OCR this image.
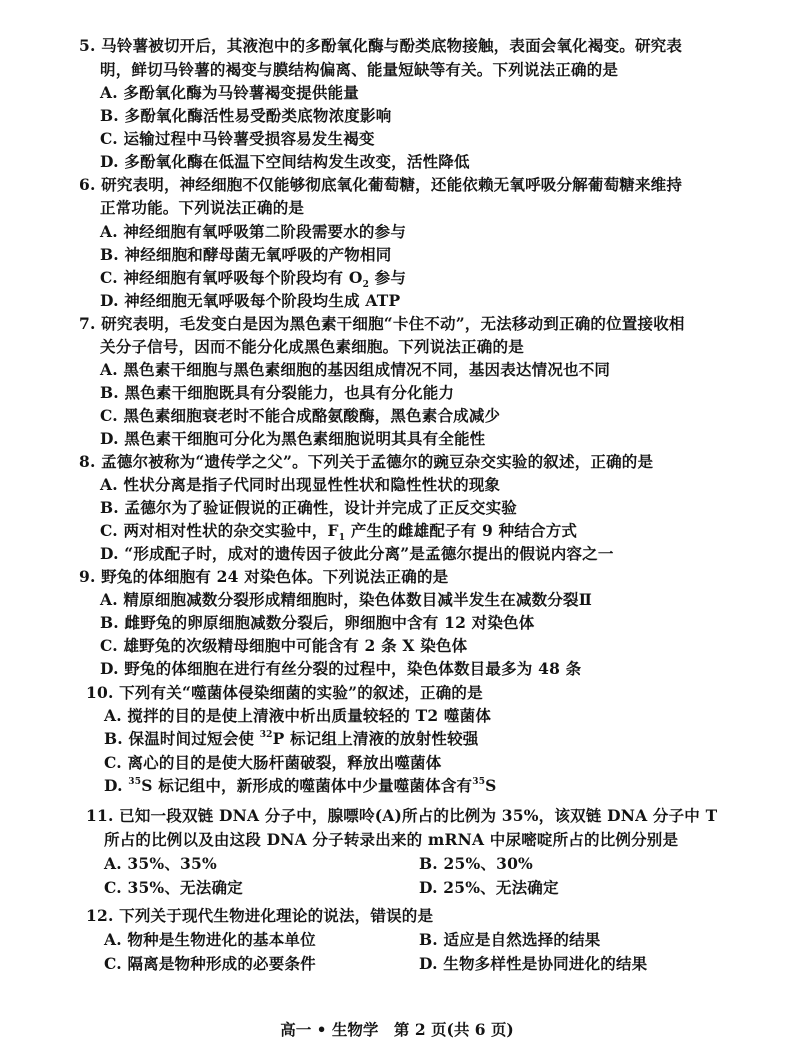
5. 马铃薯被切开后，其液泡中的多酚氧化酶与酚类底物接触，表面会氧化褐变。研究表
明，鲜切马铃薯的褐变与膜结构偏离、能量短缺等有关。下列说法正确的是
A. 多酚氧化酶为马铃薯褐变提供能量
B. 多酚氧化酶活性易受酚类底物浓度影响
C. 运输过程中马铃薯受损容易发生褐变
D. 多酚氧化酶在低温下空间结构发生改变，活性降低
6. 研究表明，神经细胞不仅能够彻底氧化葡萄糖，还能依赖无氧呼吸分解葡萄糖来维持
正常功能。下列说法正确的是
A. 神经细胞有氧呼吸第二阶段需要水的参与
B. 神经细胞和酵母菌无氧呼吸的产物相同
C. 神经细胞有氧呼吸每个阶段均有 $O_2$ 参与
D. 神经细胞无氧呼吸每个阶段均生成 ATP
7. 研究表明，毛发变白是因为黑色素干细胞“卡住不动”，无法移动到正确的位置接收相
关分子信号，因而不能分化成黑色素细胞。下列说法正确的是
A. 黑色素干细胞与黑色素细胞的基因组成情况不同，基因表达情况也不同
B. 黑色素干细胞既具有分裂能力，也具有分化能力
C. 黑色素细胞衰老时不能合成酪氨酸酶，黑色素合成减少
D. 黑色素干细胞可分化为黑色素细胞说明其具有全能性
8. 孟德尔被称为“遗传学之父”。下列关于孟德尔的豌豆杂交实验的叙述，正确的是
A. 性状分离是指子代同时出现显性性状和隐性性状的现象
B. 孟德尔为了验证假说的正确性，设计并完成了正反交实验
C. 两对相对性状的杂交实验中，$F_1$ 产生的雌雄配子有 9 种结合方式
D. “形成配子时，成对的遗传因子彼此分离”是孟德尔提出的假说内容之一
9. 野兔的体细胞有 24 对染色体。下列说法正确的是
A. 精原细胞减数分裂形成精细胞时，染色体数目减半发生在减数分裂Ⅱ
B. 雌野兔的卵原细胞减数分裂后，卵细胞中含有 12 对染色体
C. 雄野兔的次级精母细胞中可能含有 2 条 X 染色体
D. 野兔的体细胞在进行有丝分裂的过程中，染色体数目最多为 48 条
10. 下列有关“噬菌体侵染细菌的实验”的叙述，正确的是
A. 搅拌的目的是使上清液中析出质量较轻的 T2 噬菌体
B. 保温时间过短会使 $^{32}$P 标记组上清液的放射性较强
C. 离心的目的是使大肠杆菌破裂，释放出噬菌体
D. $^{35}$S 标记组中，新形成的噬菌体中少量噬菌体含有$^{35}$S
11. 已知一段双链 DNA 分子中，腺嘌呤(A)所占的比例为 35%，该双链 DNA 分子中 T
所占的比例以及由这段 DNA 分子转录出来的 mRNA 中尿嘧啶所占的比例分别是
A. 35%、35%	B. 25%、30%
C. 35%、无法确定	D. 25%、无法确定
12. 下列关于现代生物进化理论的说法，错误的是
A. 物种是生物进化的基本单位	B. 适应是自然选择的结果
C. 隔离是物种形成的必要条件	D. 生物多样性是协同进化的结果
高一 • 生物学　第 2 页(共 6 页)
